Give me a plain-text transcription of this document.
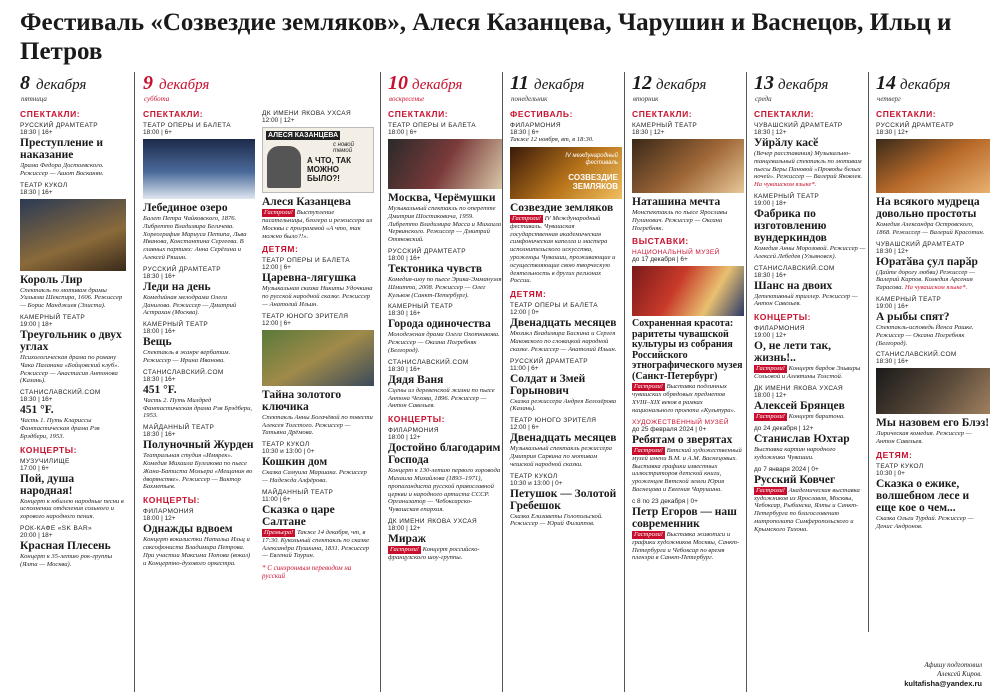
Фестиваль «Созвездие земляков», Алеся Казанцева, Чарушин и Васнецов, Ильц и Петров
8 декабря
пятница
СПЕКТАКЛИ:
РУССКИЙ ДРАМТЕАТР
18:30 | 16+
Преступление и наказание
Драма Федора Достоевского. Режиссер — Ашот Восканян.
ТЕАТР КУКОЛ
18:30 | 16+
Король Лир
Спектакль по мотивам драмы Уильяма Шекспира, 1606. Режиссер — Борис Манджиев (Элиста).
КАМЕРНЫЙ ТЕАТР
19:00 | 18+
Треугольник о двух углах
Психологическая драма по роману Чака Паланика «Бойцовский клуб». Режиссер — Анастасия Антонова (Казань).
СТАНИСЛАВСКИЙ.COM
18:30 | 16+
451 °F.
Часть 1. Путь Клариссы Фантастическая драма Рэя Брэдбери, 1953.
КОНЦЕРТЫ:
МУЗУЧИЛИЩЕ
17:00 | 6+
Пой, душа народная!
Концерт к юбилею народные песни в исполнении отделения сольного и хорового народного пения.
РОК-КАФЕ «SK BAR»
20:00 | 18+
Красная Плесень
Концерт к 35-летию рок-группы (Ялта — Москва).
9 декабря
суббота
СПЕКТАКЛИ:
ТЕАТР ОПЕРЫ И БАЛЕТА
18:00 | 6+
Лебединое озеро
Балет Петра Чайковского, 1876. Либретто Владимира Бегичева. Хореография Мариуса Петипа, Льва Иванова, Константина Сергеева. В главных партиях: Анна Серёгина и Алексей Ряшин.
РУССКИЙ ДРАМТЕАТР
18:30 | 16+
Леди на день
Комедийная мелодрама Олега Данилова. Режиссер — Дмитрий Астрахан (Москва).
КАМЕРНЫЙ ТЕАТР
18:00 | 16+
Вещь
Спектакль в жанре вербатим. Режиссер — Ирина Иванова.
СТАНИСЛАВСКИЙ.COM
18:30 | 16+
451 °F.
Часть 2. Путь Милдред Фантастическая драма Рэя Брэдбери, 1953.
МАЙДАННЫЙ ТЕАТР
18:30 | 16+
Полуночный Журден
Театральная студия «Имярек». Комедия Михаила Булгакова по пьесе Жана-Батиста Мольера «Мещанин во дворянстве». Режиссер — Виктор Бахметьев.
КОНЦЕРТЫ:
ФИЛАРМОНИЯ
18:00 | 12+
Однажды вдвоем
Концерт вокалистки Натальи Ильц и саксофониста Владимира Петрова. При участии Максима Попова (вокал) и Концертно-духового оркестра.
ДК ИМЕНИ ЯКОВА УХСАЯ
12:00 | 12+
АЛЕСЯ КАЗАНЦЕВА
с новой темой
А ЧТО, ТАК МОЖНО БЫЛО?!
Алеся Казанцева
Гастроли! Выступление писательницы, блогера и режиссера из Москвы с программой «А что, так можно было?!».
ДЕТЯМ:
ТЕАТР ОПЕРЫ И БАЛЕТА
12:00 | 6+
Царевна-лягушка
Музыкальная сказка Никиты Удочкина по русской народной сказке. Режиссер — Анатолий Ильин.
ТЕАТР ЮНОГО ЗРИТЕЛЯ
12:00 | 6+
Тайна золотого ключика
Спектакль Анны Богачёвой по повести Алексея Толстого. Режиссер — Татьяна Дрёмова.
ТЕАТР КУКОЛ
10:30 и 13:00 | 0+
Кошкин дом
Сказка Самуила Маршака. Режиссер — Надежда Алфёрова.
МАЙДАННЫЙ ТЕАТР
11:00 | 6+
Сказка о царе Салтане
Премьера! Также 14 декабря, чт, в 17:30. Кукольный спектакль по сказке Александра Пушкина, 1831. Режиссер — Евгений Таурин.
* С синхронным переводом на русский
10 декабря
воскресенье
СПЕКТАКЛИ:
ТЕАТР ОПЕРЫ И БАЛЕТА
18:00 | 6+
Москва, Черёмушки
Музыкальный спектакль по оперетте Дмитрия Шостаковича, 1959. Либретто Владимира Масса и Михаила Червинского. Режиссер — Дмитрий Отяковский.
РУССКИЙ ДРАМТЕАТР
18:00 | 16+
Тектоника чувств
Комедия-шоу по пьесе Эрика-Эммануэля Шмитта, 2008. Режиссер — Олег Кульков (Санкт-Петербург).
КАМЕРНЫЙ ТЕАТР
18:30 | 16+
Города одиночества
Молодежная драма Олега Охотникова. Режиссер — Оксана Погребняк (Белгород).
СТАНИСЛАВСКИЙ.COM
18:30 | 16+
Дядя Ваня
Сцены из деревенской жизни по пьесе Антона Чехова, 1896. Режиссер — Антон Савельев.
КОНЦЕРТЫ:
ФИЛАРМОНИЯ
18:00 | 12+
Достойно благодарим Господа
Концерт к 130-летию первого хоровода Михаила Михайлова (1893–1971), пропагандиста русской православной церкви и народного артиста СССР. Организатор — Чебоксарско-Чувашская епархия.
ДК ИМЕНИ ЯКОВА УХСАЯ
18:00 | 12+
Мираж
Гастроли! Концерт российско-французского шоу-группы.
11 декабря
понедельник
ФЕСТИВАЛЬ:
ФИЛАРМОНИЯ
18:30 | 6+
Также 12 ноября, вт, в 18:30.
IV международный
фестиваль
СОЗВЕЗДИЕ ЗЕМЛЯКОВ
Созвездие земляков
Гастроли! IV Международный фестиваль. Чувашская государственная академическая симфоническая капелла и мастера исполнительского искусства, уроженцы Чувашии, проживающие и осуществляющие свою творческую деятельность в других регионах России.
ДЕТЯМ:
ТЕАТР ОПЕРЫ И БАЛЕТА
12:00 | 0+
Двенадцать месяцев
Мюзикл Владимира Баскина и Сергея Маковского по словацкой народной сказке. Режиссер — Анатолий Ильин.
РУССКИЙ ДРАМТЕАТР
11:00 | 6+
Солдат и Змей Горынович
Сказка режиссера Андрея Белозёрова (Казань).
ТЕАТР ЮНОГО ЗРИТЕЛЯ
12:00 | 6+
Двенадцать месяцев
Музыкальный спектакль режиссера Дмитрия Сарвина по мотивам чешской народной сказки.
ТЕАТР КУКОЛ
10:30 и 13:00 | 0+
Петушок — Золотой Гребешок
Сказка Елизаветы Голопольской. Режиссер — Юрий Филиппов.
12 декабря
вторник
СПЕКТАКЛИ:
КАМЕРНЫЙ ТЕАТР
18:30 | 12+
Наташина мечта
Монспектакль по пьесе Ярославы Пулинович. Режиссер — Оксана Погребняк.
ВЫСТАВКИ:
НАЦИОНАЛЬНЫЙ МУЗЕЙ
до 17 декабря | 6+
Сохраненная красота: раритеты чувашской культуры из собрания Российского этнографического музея (Санкт-Петербург)
Гастроли! Выставка подлинных чувашских обрядовых предметов XVIII–XIX веков в рамках национального проекта «Культура».
ХУДОЖЕСТВЕННЫЙ МУЗЕЙ
до 25 февраля 2024 | 0+
Ребятам о зверятах
Гастроли! Вятский художественный музей имени В.М. и А.М. Васнецовых. Выставка графики известных иллюстраторов детской книги, уроженцев Вятской земли Юрия Васнецова и Евгения Чарушина.
с 8 по 23 декабря | 0+
Петр Егоров — наш современник
Гастроли! Выставка живописи и графики художников Москвы, Санкт-Петербурга и Чебоксар по время пленэра в Санкт-Петербург.
13 декабря
среда
СПЕКТАКЛИ:
ЧУВАШСКИЙ ДРАМТЕАТР
18:30 | 12+
Уйрӑлу касӗ
(Вечер расставания) Музыкально-танцевальный спектакль по мотивам пьесы Веры Пановой «Проводы белых ночей». Режиссер — Валерий Яковлев. На чувашском языке*.
КАМЕРНЫЙ ТЕАТР
19:00 | 18+
Фабрика по изготовлению вундеркиндов
Комедия Анны Морозовой. Режиссер — Алексей Лебедев (Ульяновск).
СТАНИСЛАВСКИЙ.COM
18:30 | 16+
Шанс на двоих
Детективный триллер. Режиссер — Антон Савельев.
КОНЦЕРТЫ:
ФИЛАРМОНИЯ
19:00 | 12+
О, не лети так, жизнь!..
Гастроли! Концерт бардов Эльвиры Сольовой и Алевтины Толстой.
ДК ИМЕНИ ЯКОВА УХСАЯ
18:00 | 12+
Алексей Брянцев
Гастроли! Концерт баритона.
до 24 декабря | 12+
Станислав Юхтар
Выставка картин народного художника Чувашии.
до 7 января 2024 | 0+
Русский Ковчег
Гастроли! Академическая выставка художников из Ярославля, Москвы, Чебоксар, Рыбинска, Ялты и Санкт-Петербурга по благословению митрополита Симферопольского и Крымского Тихона.
14 декабря
четверг
СПЕКТАКЛИ:
РУССКИЙ ДРАМТЕАТР
18:30 | 12+
На всякого мудреца довольно простоты
Комедия Александра Островского, 1868. Режиссер — Валерий Красотин.
ЧУВАШСКИЙ ДРАМТЕАТР
18:30 | 12+
Юратӑва ҫул парӑр
(Дайте дорогу любви) Режиссер — Валерий Карпов. Комедия Арсения Тарасова. На чувашском языке*.
КАМЕРНЫЙ ТЕАТР
19:00 | 16+
А рыбы спят?
Спектакль-исповедь Йенса Рашке. Режиссер — Оксана Погребняк (Белгород).
СТАНИСЛАВСКИЙ.COM
18:30 | 16+
Мы назовем его Блэз!
Лирическая комедия. Режиссер — Антон Савельев.
ДЕТЯМ:
ТЕАТР КУКОЛ
10:30 | 0+
Сказка о ежике, волшебном лесе и еще кое о чем...
Сказка Ольги Турдай. Режиссер — Денис Андронов.
Афишу подготовил
Алексей Киров.
kultafisha@yandex.ru
